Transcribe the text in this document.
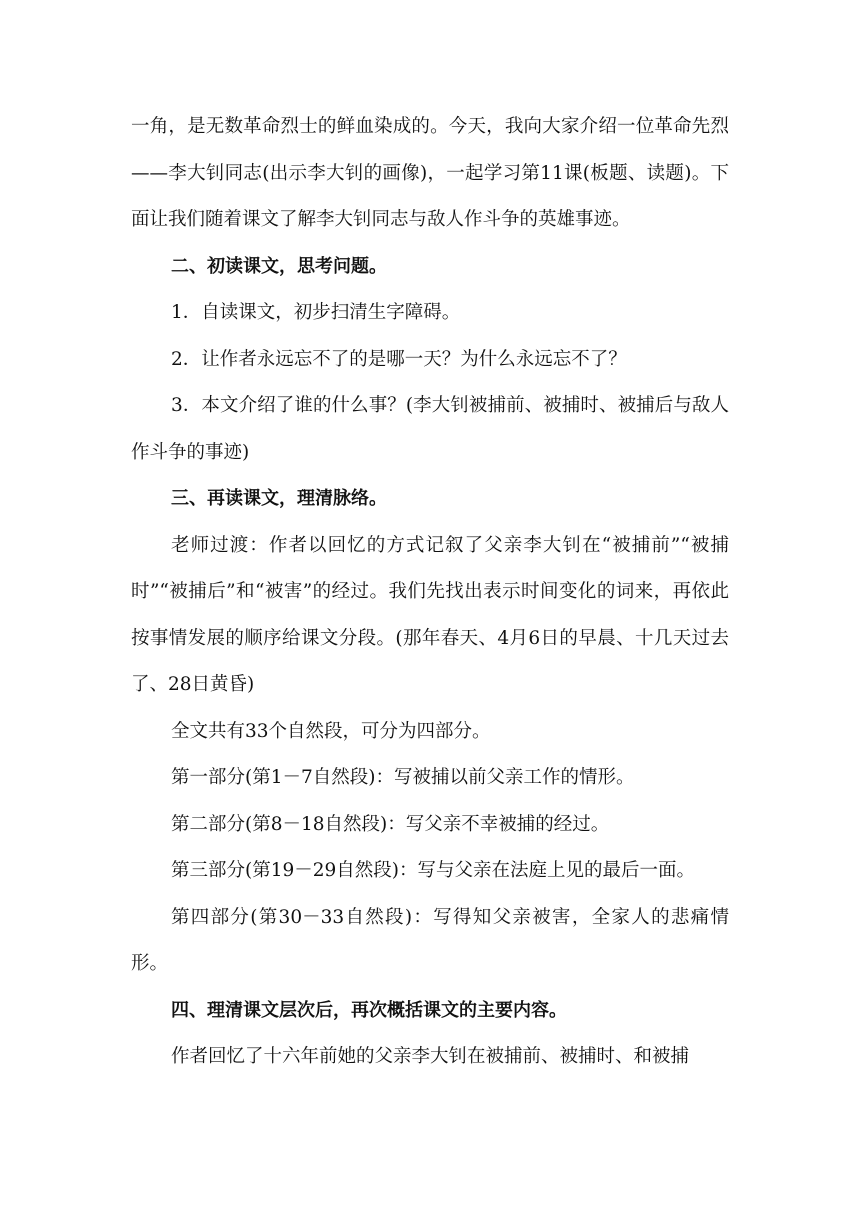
一角，是无数革命烈士的鲜血染成的。今天，我向大家介绍一位革命先烈——李大钊同志(出示李大钊的画像)，一起学习第11课(板题、读题)。下面让我们随着课文了解李大钊同志与敌人作斗争的英雄事迹。

二、初读课文，思考问题。

1．自读课文，初步扫清生字障碍。

2．让作者永远忘不了的是哪一天？为什么永远忘不了？

3．本文介绍了谁的什么事？(李大钊被捕前、被捕时、被捕后与敌人作斗争的事迹)

三、再读课文，理清脉络。

老师过渡：作者以回忆的方式记叙了父亲李大钊在“被捕前”“被捕时”“被捕后”和“被害”的经过。我们先找出表示时间变化的词来，再依此按事情发展的顺序给课文分段。(那年春天、4月6日的早晨、十几天过去了、28日黄昏)

全文共有33个自然段，可分为四部分。

第一部分(第1－7自然段)：写被捕以前父亲工作的情形。

第二部分(第8－18自然段)：写父亲不幸被捕的经过。

第三部分(第19－29自然段)：写与父亲在法庭上见的最后一面。

第四部分(第30－33自然段)：写得知父亲被害，全家人的悲痛情形。

四、理清课文层次后，再次概括课文的主要内容。

作者回忆了十六年前她的父亲李大钊在被捕前、被捕时、和被捕
